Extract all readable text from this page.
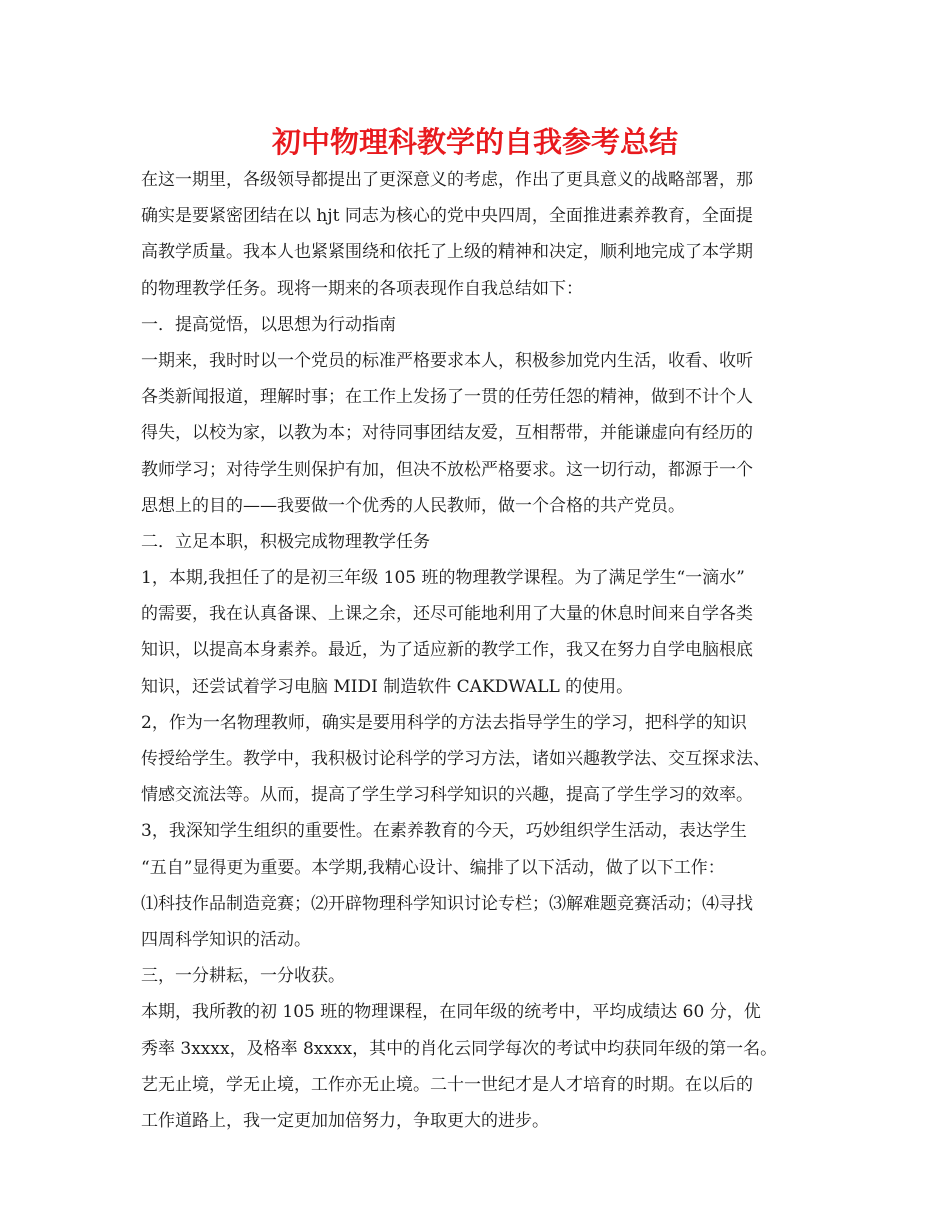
初中物理科教学的自我参考总结
在这一期里，各级领导都提出了更深意义的考虑，作出了更具意义的战略部署，那
确实是要紧密团结在以 hjt 同志为核心的党中央四周，全面推进素养教育，全面提
高教学质量。我本人也紧紧围绕和依托了上级的精神和决定，顺利地完成了本学期
的物理教学任务。现将一期来的各项表现作自我总结如下：
一．提高觉悟，以思想为行动指南
一期来，我时时以一个党员的标准严格要求本人，积极参加党内生活，收看、收听
各类新闻报道，理解时事；在工作上发扬了一贯的任劳任怨的精神，做到不计个人
得失，以校为家，以教为本；对待同事团结友爱，互相帮带，并能谦虚向有经历的
教师学习；对待学生则保护有加，但决不放松严格要求。这一切行动，都源于一个
思想上的目的——我要做一个优秀的人民教师，做一个合格的共产党员。
二．立足本职，积极完成物理教学任务
1，本期,我担任了的是初三年级 105 班的物理教学课程。为了满足学生“一滴水”
的需要，我在认真备课、上课之余，还尽可能地利用了大量的休息时间来自学各类
知识，以提高本身素养。最近，为了适应新的教学工作，我又在努力自学电脑根底
知识，还尝试着学习电脑 MIDI 制造软件 CAKDWALL 的使用。
2，作为一名物理教师，确实是要用科学的方法去指导学生的学习，把科学的知识
传授给学生。教学中，我积极讨论科学的学习方法，诸如兴趣教学法、交互探求法、
情感交流法等。从而，提高了学生学习科学知识的兴趣，提高了学生学习的效率。
3，我深知学生组织的重要性。在素养教育的今天，巧妙组织学生活动，表达学生
“五自”显得更为重要。本学期,我精心设计、编排了以下活动，做了以下工作：
⑴科技作品制造竞赛；⑵开辟物理科学知识讨论专栏；⑶解难题竞赛活动；⑷寻找
四周科学知识的活动。
三，一分耕耘，一分收获。
本期，我所教的初 105 班的物理课程，在同年级的统考中，平均成绩达 60 分，优
秀率 3xxxx，及格率 8xxxx，其中的肖化云同学每次的考试中均获同年级的第一名。
艺无止境，学无止境，工作亦无止境。二十一世纪才是人才培育的时期。在以后的
工作道路上，我一定更加加倍努力，争取更大的进步。
